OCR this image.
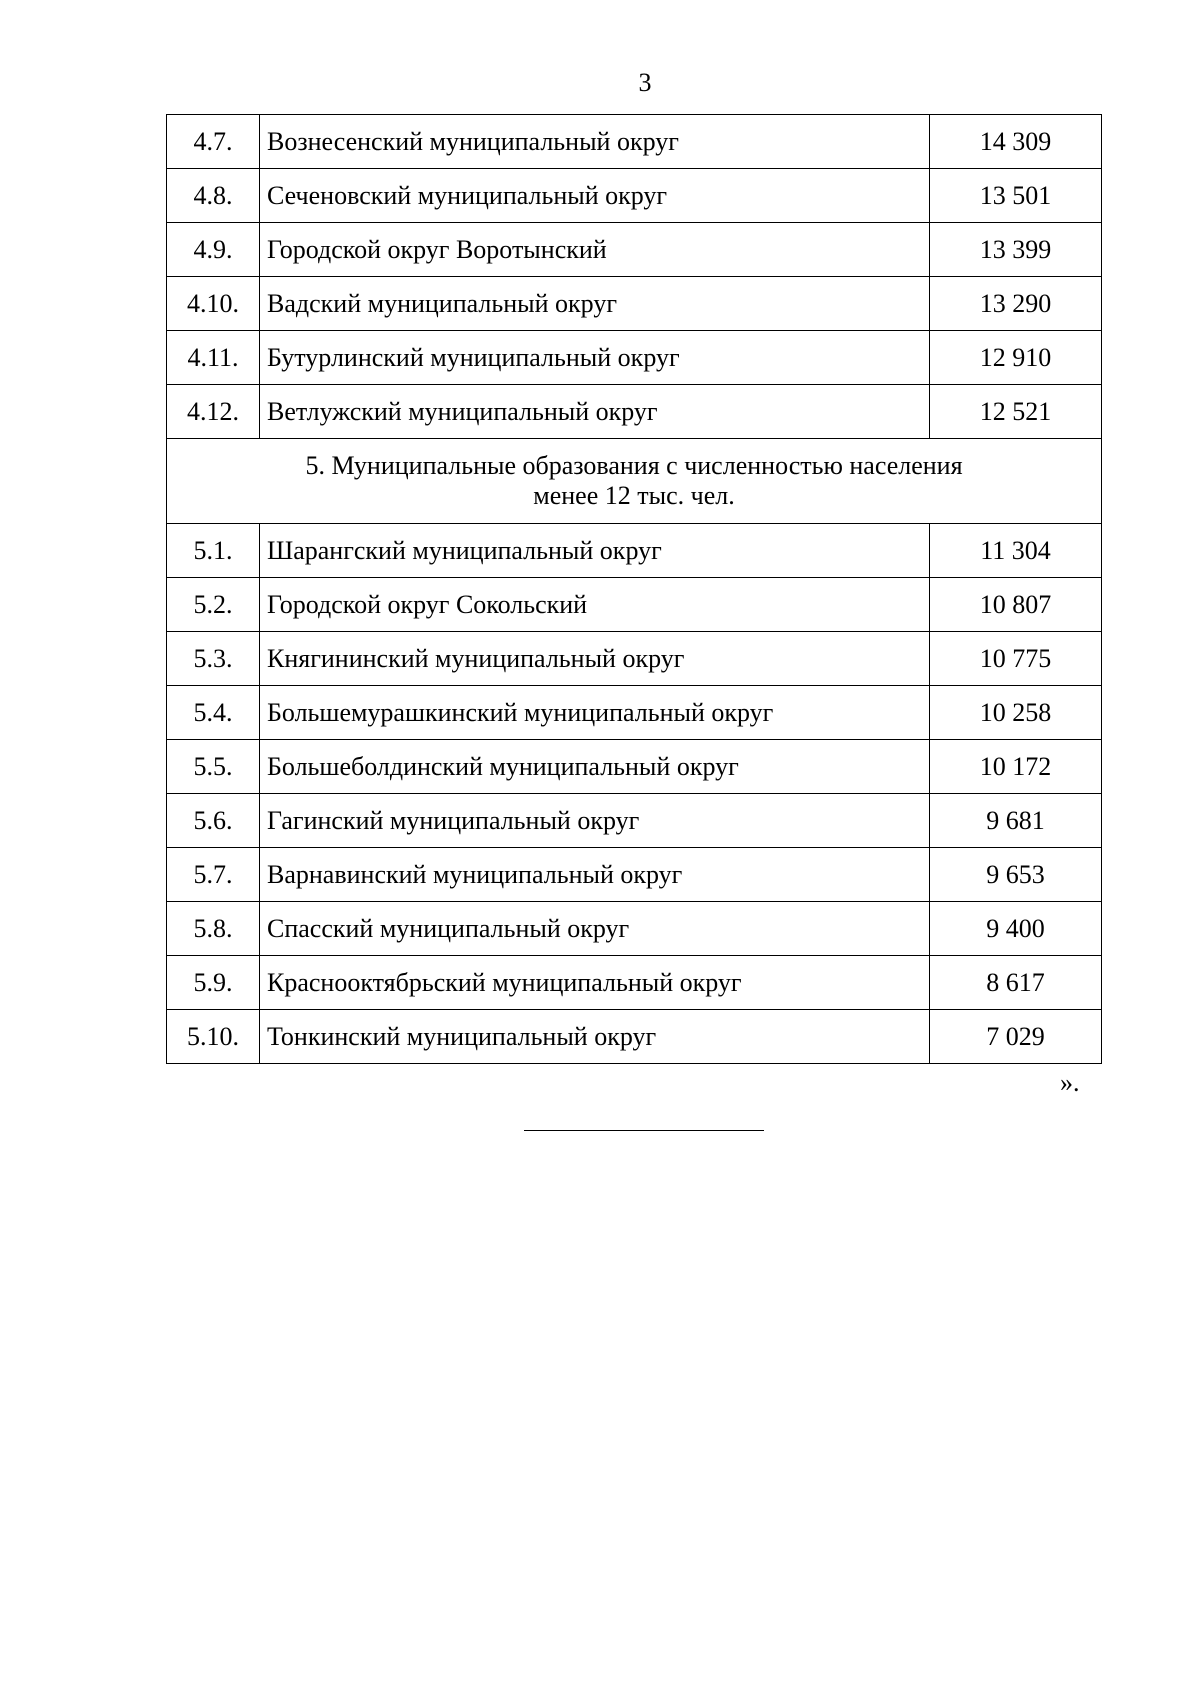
3
4.7.	Вознесенский муниципальный округ	14 309
4.8.	Сеченовский муниципальный округ	13 501
4.9.	Городской округ Воротынский	13 399
4.10.	Вадский муниципальный округ	13 290
4.11.	Бутурлинский муниципальный округ	12 910
4.12.	Ветлужский муниципальный округ	12 521

5. Муниципальные образования с численностью населения
менее 12 тыс. чел.		

5.1.	Шарангский муниципальный округ	11 304
5.2.	Городской округ Сокольский	10 807
5.3.	Княгининский муниципальный округ	10 775
5.4.	Большемурашкинский муниципальный округ	10 258
5.5.	Большеболдинский муниципальный округ	10 172
5.6.	Гагинский муниципальный округ	9 681
5.7.	Варнавинский муниципальный округ	9 653
5.8.	Спасский муниципальный округ	9 400
5.9.	Краснооктябрьский муниципальный округ	8 617
5.10.	Тонкинский муниципальный округ	7 029
».
